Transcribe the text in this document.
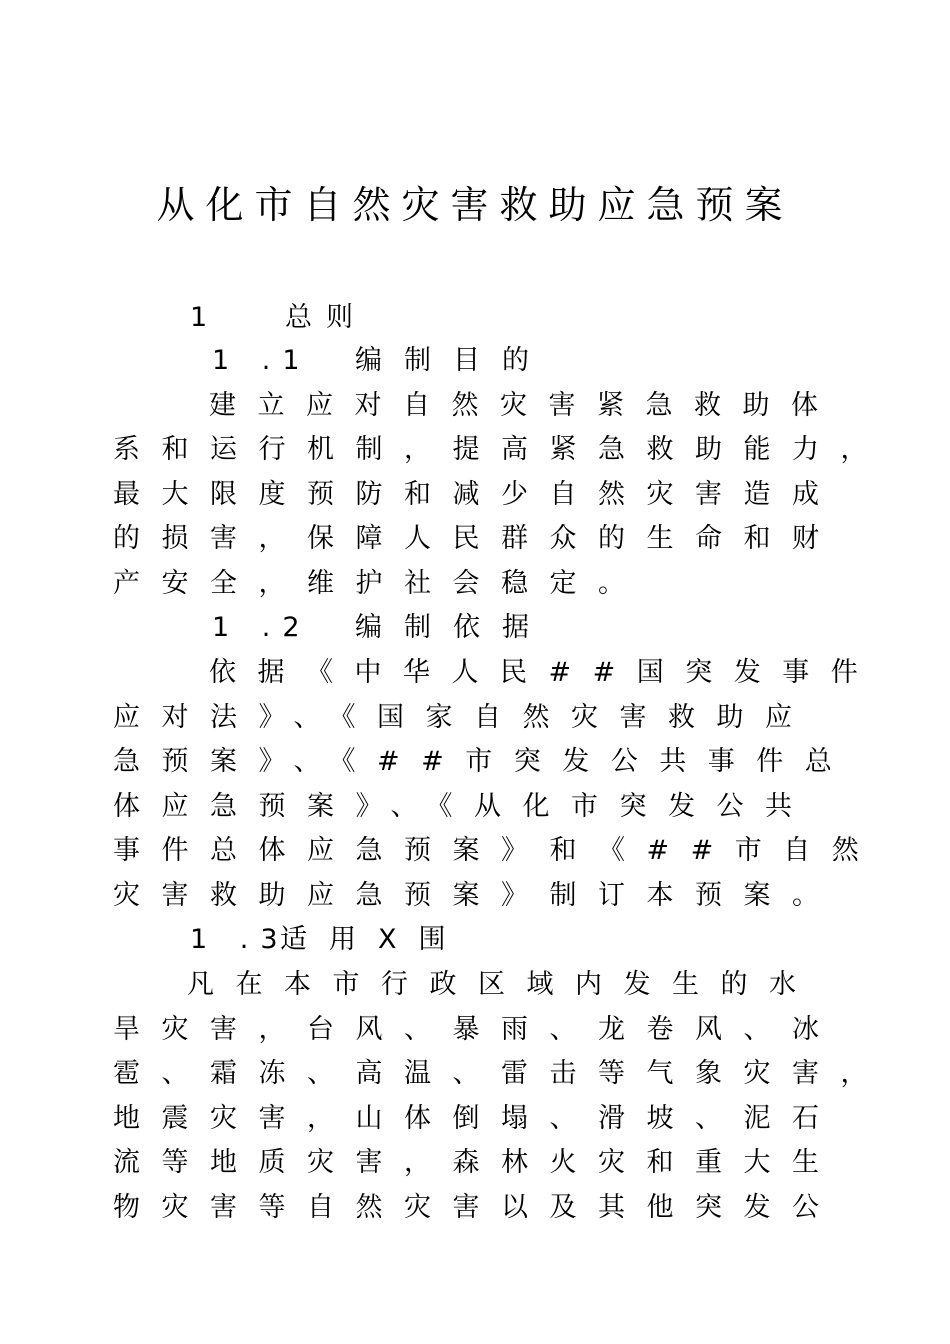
从化市自然灾害救助应急预案
1	总则
1 .1 编制目的
建立应对自然灾害紧急救助体
系和运行机制，提高紧急救助能力，
最大限度预防和减少自然灾害造成
的损害，保障人民群众的生命和财
产安全，维护社会稳定。
1 .2 编制依据
依据《中华人民##国突发事件
应对法》、《国家自然灾害救助应
急预案》、《##市突发公共事件总
体应急预案》、《从化市突发公共
事件总体应急预案》和《##市自然
灾害救助应急预案》制订本预案。
1 .3适用X围
凡在本市行政区域内发生的水
旱灾害，台风、暴雨、龙卷风、冰
雹、霜冻、高温、雷击等气象灾害，
地震灾害，山体倒塌、滑坡、泥石
流等地质灾害，森林火灾和重大生
物灾害等自然灾害以及其他突发公
